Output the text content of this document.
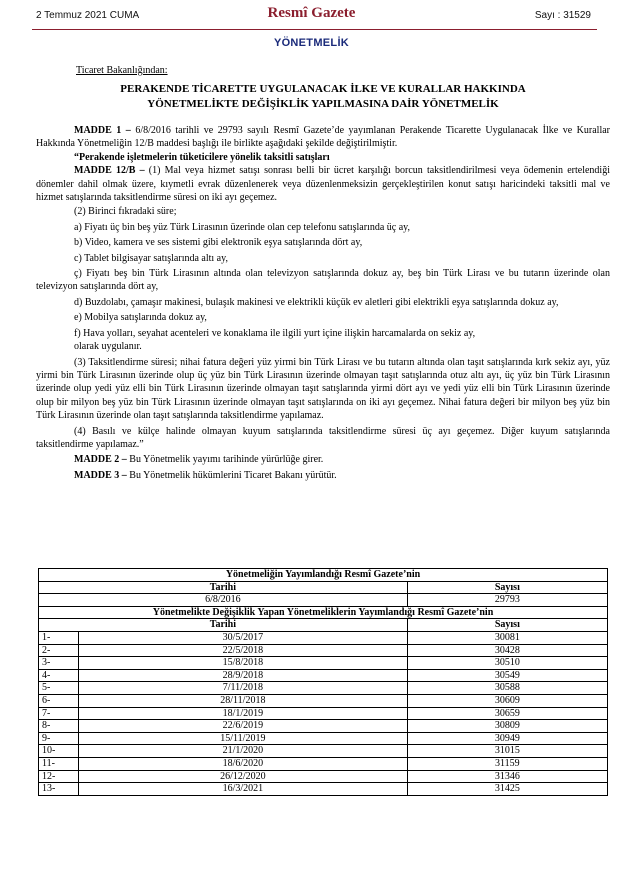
2 Temmuz 2021 CUMA	Resmî Gazete	Sayı : 31529
YÖNETMELİK
Ticaret Bakanlığından:
PERAKENDE TİCARETTE UYGULANACAK İLKE VE KURALLAR HAKKINDA
YÖNETMELİKTE DEĞİŞİKLİK YAPILMASINA DAİR YÖNETMELİK

MADDE 1 – 6/8/2016 tarihli ve 29793 sayılı Resmî Gazete’de yayımlanan Perakende Ticarette Uygulanacak İlke ve Kurallar Hakkında Yönetmeliğin 12/B maddesi başlığı ile birlikte aşağıdaki şekilde değiştirilmiştir.

“Perakende işletmelerin tüketicilere yönelik taksitli satışları

MADDE 12/B – (1) Mal veya hizmet satışı sonrası belli bir ücret karşılığı borcun taksitlendirilmesi veya ödemenin ertelendiği dönemler dahil olmak üzere, kıymetli evrak düzenlenerek veya düzenlenmeksizin gerçekleştirilen konut satışı haricindeki taksitli mal ve hizmet satışlarında taksitlendirme süresi on iki ayı geçemez.

(2) Birinci fıkradaki süre;

a) Fiyatı üç bin beş yüz Türk Lirasının üzerinde olan cep telefonu satışlarında üç ay,

b) Video, kamera ve ses sistemi gibi elektronik eşya satışlarında dört ay,

c) Tablet bilgisayar satışlarında altı ay,

ç) Fiyatı beş bin Türk Lirasının altında olan televizyon satışlarında dokuz ay, beş bin Türk Lirası ve bu tutarın üzerinde olan televizyon satışlarında dört ay,

d) Buzdolabı, çamaşır makinesi, bulaşık makinesi ve elektrikli küçük ev aletleri gibi elektrikli eşya satışlarında dokuz ay,

e) Mobilya satışlarında dokuz ay,

f) Hava yolları, seyahat acenteleri ve konaklama ile ilgili yurt içine ilişkin harcamalarda on sekiz ay,

olarak uygulanır.

(3) Taksitlendirme süresi; nihai fatura değeri yüz yirmi bin Türk Lirası ve bu tutarın altında olan taşıt satışlarında kırk sekiz ayı, yüz yirmi bin Türk Lirasının üzerinde olup üç yüz bin Türk Lirasının üzerinde olmayan taşıt satışlarında otuz altı ayı, üç yüz bin Türk Lirasının üzerinde olup yedi yüz elli bin Türk Lirasının üzerinde olmayan taşıt satışlarında yirmi dört ayı ve yedi yüz elli bin Türk Lirasının üzerinde olup bir milyon beş yüz bin Türk Lirasının üzerinde olmayan taşıt satışlarında on iki ayı geçemez. Nihai fatura değeri bir milyon beş yüz bin Türk Lirasının üzerinde olan taşıt satışlarında taksitlendirme yapılamaz.

(4) Basılı ve külçe halinde olmayan kuyum satışlarında taksitlendirme süresi üç ayı geçemez. Diğer kuyum satışlarında taksitlendirme yapılamaz.”

MADDE 2 – Bu Yönetmelik yayımı tarihinde yürürlüğe girer.

MADDE 3 – Bu Yönetmelik hükümlerini Ticaret Bakanı yürütür.

Yönetmeliğin Yayımlandığı Resmî Gazete’nin		
Tarihi		Sayısı
6/8/2016		29793
Yönetmelikte Değişiklik Yapan Yönetmeliklerin Yayımlandığı Resmî Gazete’nin		
Tarihi		Sayısı
1-	30/5/2017	30081
2-	22/5/2018	30428
3-	15/8/2018	30510
4-	28/9/2018	30549
5-	7/11/2018	30588
6-	28/11/2018	30609
7-	18/1/2019	30659
8-	22/6/2019	30809
9-	15/11/2019	30949
10-	21/1/2020	31015
11-	18/6/2020	31159
12-	26/12/2020	31346
13-	16/3/2021	31425
